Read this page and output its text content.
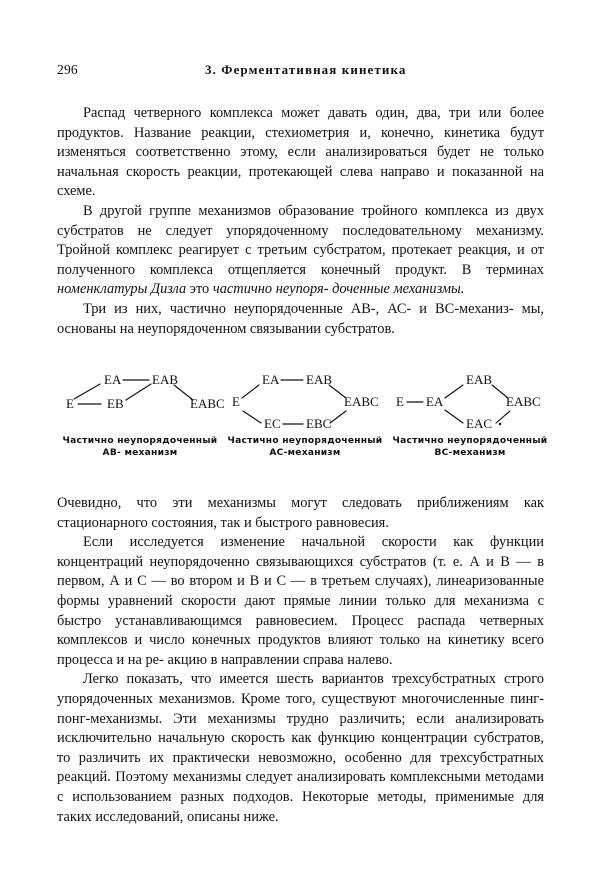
296	3. Ферментативная кинетика

Распад четверного комплекса может давать один, два, три или более продуктов. Название реакции, стехиометрия и, конечно, кинетика будут изменяться соответственно этому, если анализироваться будет не только начальная скорость реакции, протекающей слева направо и показанной на схеме.

В другой группе механизмов образование тройного комплекса из двух субстратов не следует упорядоченному последовательному механизму. Тройной комплекс реагирует с третьим субстратом, протекает реакция, и от полученного комплекса отщепляется конечный продукт. В терминах номенклатуры Дизла это частично неупоря- доченные механизмы.

Три из них, частично неупорядоченные АВ-, АС- и ВС-механиз- мы, основаны на неупорядоченном связывании субстратов.

E	EB
EA EAB
EABC
Частично неупорядоченный
АВ- механизм
E
EA EAB
EABC
EBC
EC
Частично неупорядоченный
АС-механизм
E EA
EAB
EABC
EAC
Частично неупорядоченный
ВС-механизм

Очевидно, что эти механизмы могут следовать приближениям как стационарного состояния, так и быстрого равновесия.

Если исследуется изменение начальной скорости как функции концентраций неупорядоченно связывающихся субстратов (т. е. А и В — в первом, А и С — во втором и В и С — в третьем случаях), линеаризованные формы уравнений скорости дают прямые линии только для механизма с быстро устанавливающимся равновесием. Процесс распада четверных комплексов и число конечных продуктов влияют только на кинетику всего процесса и на ре- акцию в направлении справа налево.

Легко показать, что имеется шесть вариантов трехсубстратных строго упорядоченных механизмов. Кроме того, существуют многочисленные пинг-понг-механизмы. Эти механизмы трудно различить; если анализировать исключительно начальную скорость как функцию концентрации субстратов, то различить их практически невозможно, особенно для трехсубстратных реакций. Поэтому механизмы следует анализировать комплексными методами с использованием разных подходов. Некоторые методы, применимые для таких исследований, описаны ниже.
